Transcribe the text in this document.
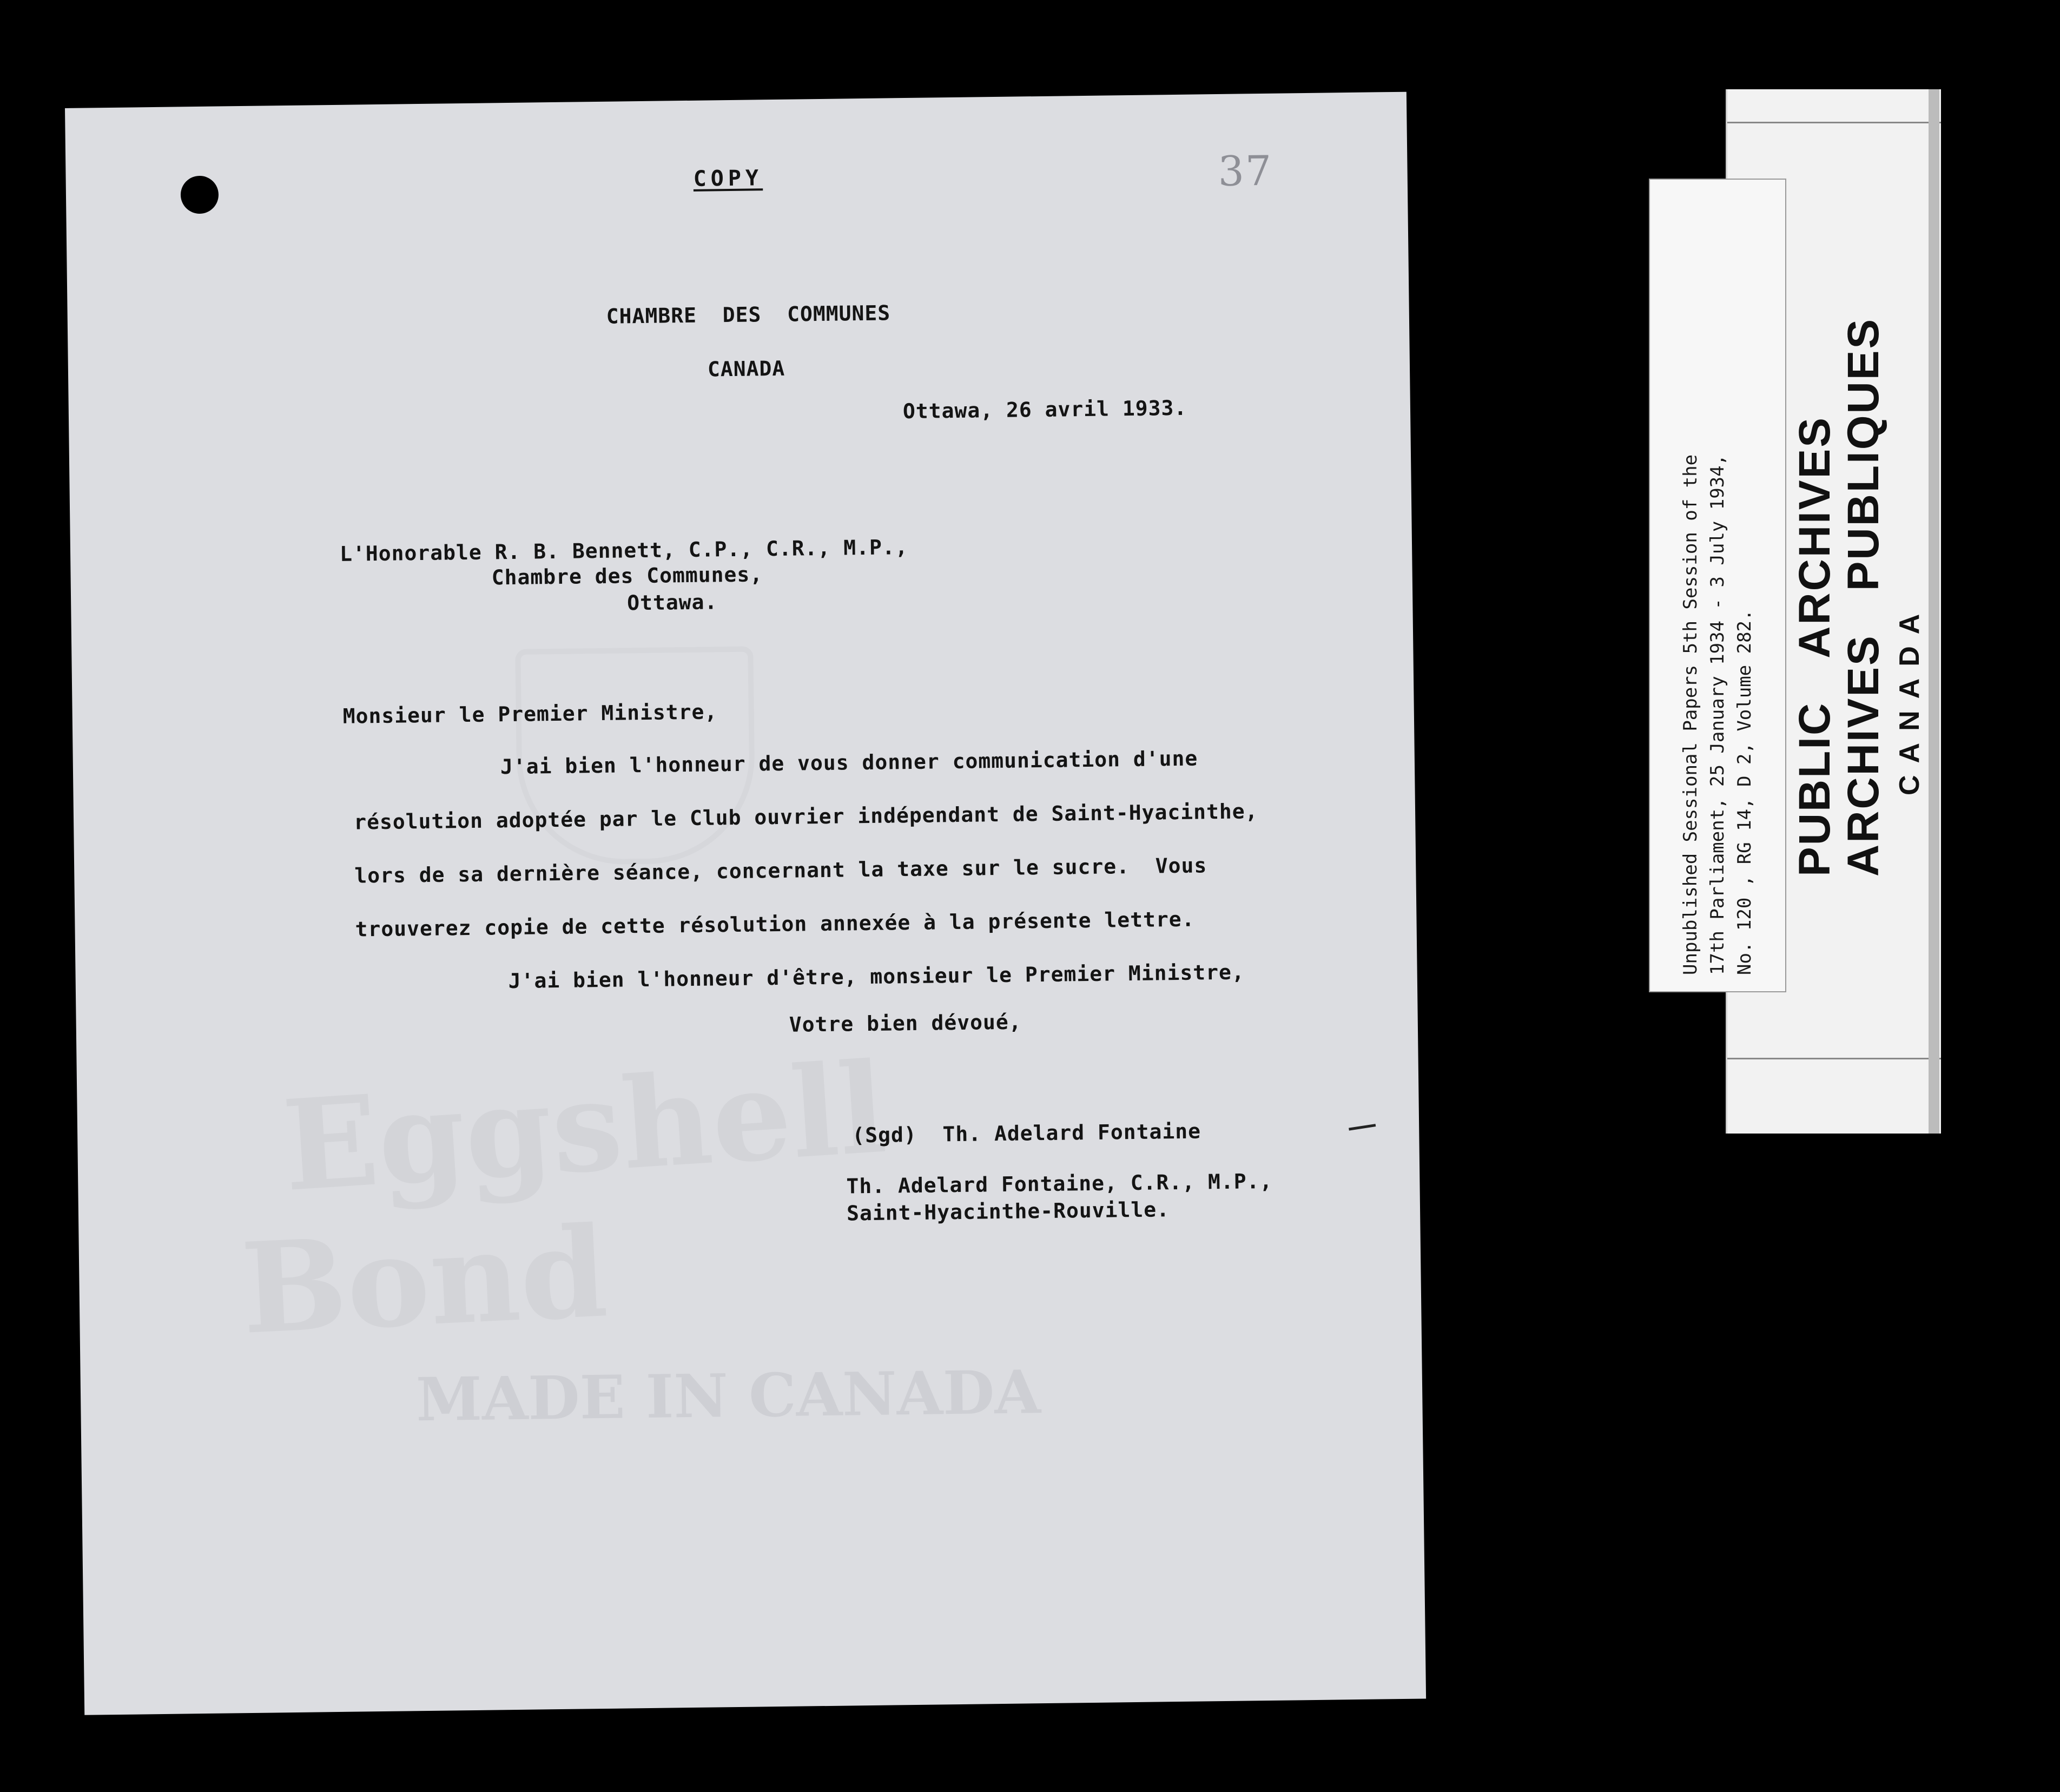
Eggshell
Bond
MADE IN CANADA
COPY	37
CHAMBRE  DES  COMMUNES
CANADA
Ottawa, 26 avril 1933.
L'Honorable R. B. Bennett, C.P., C.R., M.P.,
Chambre des Communes,
Ottawa.
Monsieur le Premier Ministre,
J'ai bien l'honneur de vous donner communication d'une
résolution adoptée par le Club ouvrier indépendant de Saint-Hyacinthe,
lors de sa dernière séance, concernant la taxe sur le sucre.  Vous
trouverez copie de cette résolution annexée à la présente lettre.
J'ai bien l'honneur d'être, monsieur le Premier Ministre,
Votre bien dévoué,
(Sgd)  Th. Adelard Fontaine
Th. Adelard Fontaine, C.R., M.P.,
Saint-Hyacinthe-Rouville.
Unpublished Sessional Papers 5th Session of the 17th Parliament, 25 January 1934 - 3 July 1934, No. 120 , RG 14, D 2, Volume 282. PUBLICARCHIVES
ARCHIVESPUBLIQUES
CANADA
